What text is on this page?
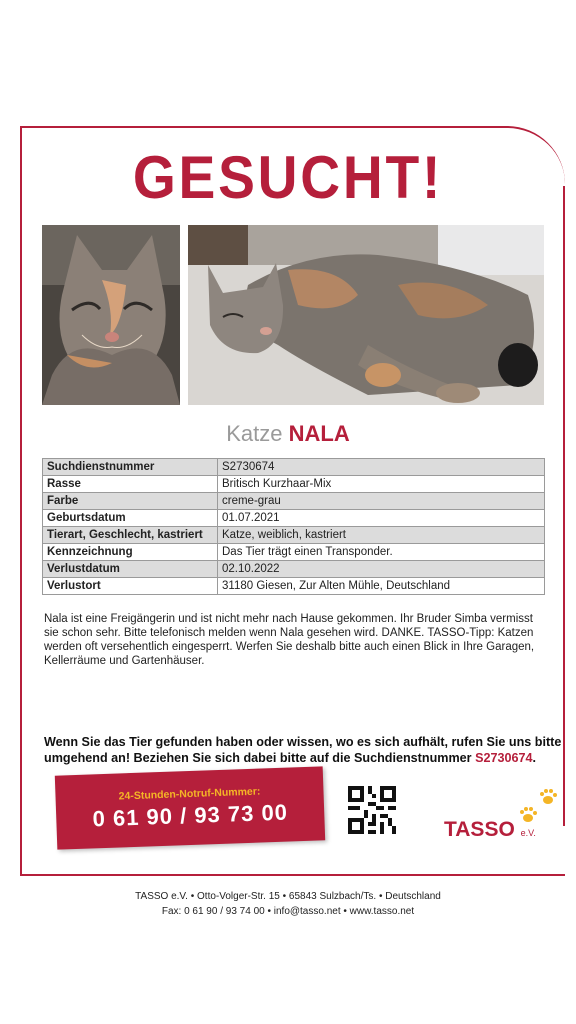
GESUCHT!
Katze NALA
Suchdienstnummer	S2730674
Rasse	Britisch Kurzhaar-Mix
Farbe	creme-grau
Geburtsdatum	01.07.2021
Tierart, Geschlecht, kastriert	Katze, weiblich, kastriert
Kennzeichnung	Das Tier trägt einen Transponder.
Verlustdatum	02.10.2022
Verlustort	31180 Giesen, Zur Alten Mühle, Deutschland
Nala ist eine Freigängerin und ist nicht mehr nach Hause gekommen. Ihr Bruder Simba vermisst sie schon sehr. Bitte telefonisch melden wenn Nala gesehen wird. DANKE. TASSO-Tipp: Katzen werden oft versehentlich eingesperrt. Werfen Sie deshalb bitte auch einen Blick in Ihre Garagen, Kellerräume und Gartenhäuser.
Wenn Sie das Tier gefunden haben oder wissen, wo es sich aufhält, rufen Sie uns bitte umgehend an! Beziehen Sie sich dabei bitte auf die Suchdienstnummer S2730674.
24-Stunden-Notruf-Nummer:
0 61 90 / 93 73 00	TASSO e.V.
TASSO e.V. • Otto-Volger-Str. 15 • 65843 Sulzbach/Ts. • Deutschland
Fax: 0 61 90 / 93 74 00 • info@tasso.net • www.tasso.net
